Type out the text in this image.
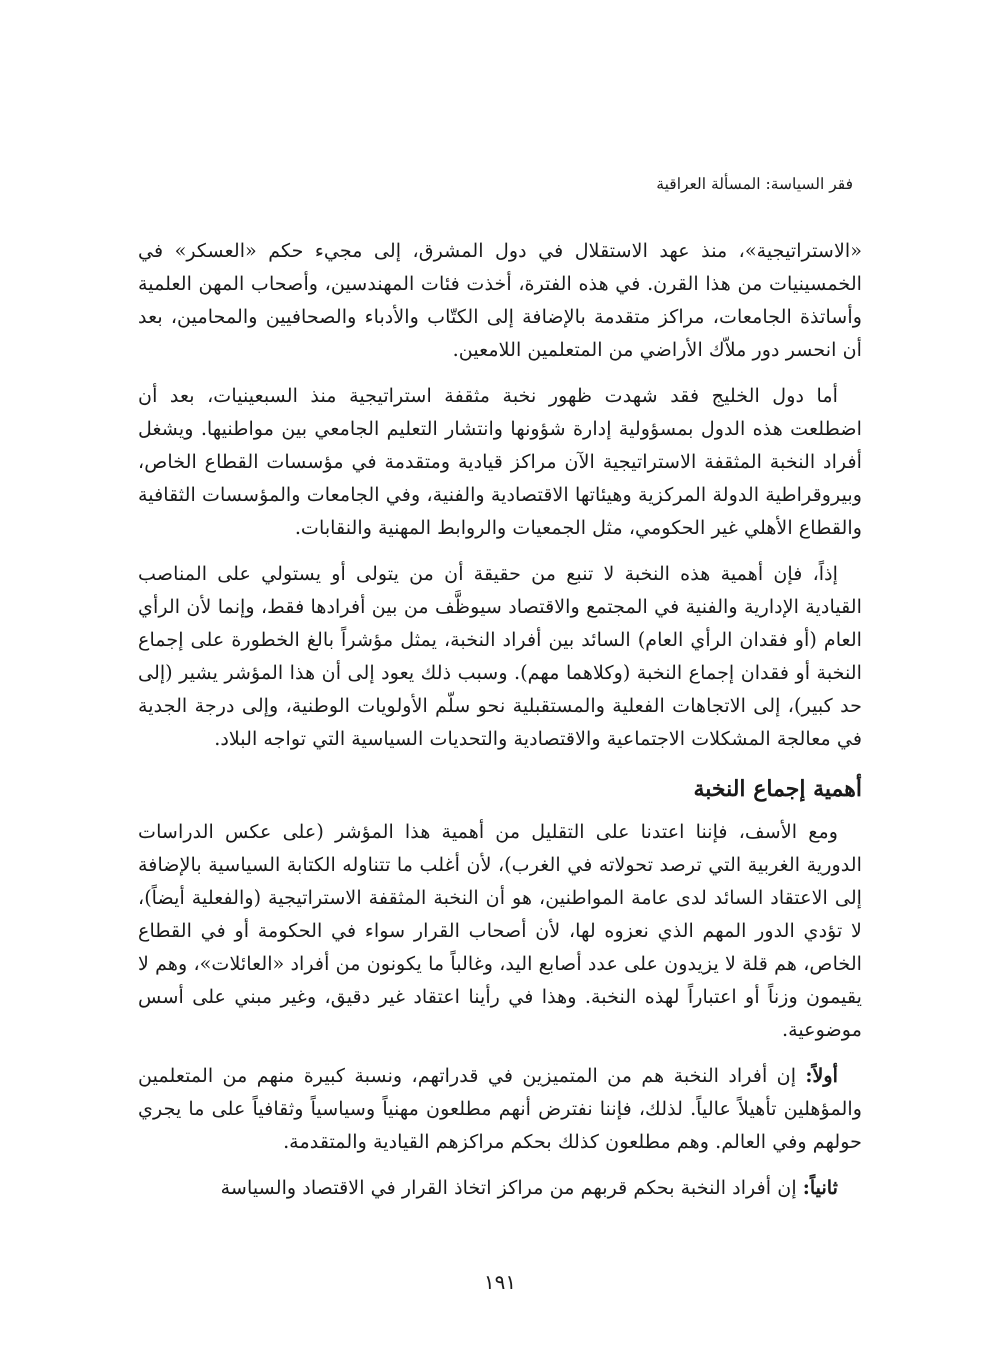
فقر السياسة: المسألة العراقية

«الاستراتيجية»، منذ عهد الاستقلال في دول المشرق، إلى مجيء حكم «العسكر» في الخمسينيات من هذا القرن. في هذه الفترة، أخذت فئات المهندسين، وأصحاب المهن العلمية وأساتذة الجامعات، مراكز متقدمة بالإضافة إلى الكتّاب والأدباء والصحافيين والمحامين، بعد أن انحسر دور ملاّك الأراضي من المتعلمين اللامعين.

أما دول الخليج فقد شهدت ظهور نخبة مثقفة استراتيجية منذ السبعينيات، بعد أن اضطلعت هذه الدول بمسؤولية إدارة شؤونها وانتشار التعليم الجامعي بين مواطنيها. ويشغل أفراد النخبة المثقفة الاستراتيجية الآن مراكز قيادية ومتقدمة في مؤسسات القطاع الخاص، وبيروقراطية الدولة المركزية وهيئاتها الاقتصادية والفنية، وفي الجامعات والمؤسسات الثقافية والقطاع الأهلي غير الحكومي، مثل الجمعيات والروابط المهنية والنقابات.

إذاً، فإن أهمية هذه النخبة لا تنبع من حقيقة أن من يتولى أو يستولي على المناصب القيادية الإدارية والفنية في المجتمع والاقتصاد سيوظَّف من بين أفرادها فقط، وإنما لأن الرأي العام (أو فقدان الرأي العام) السائد بين أفراد النخبة، يمثل مؤشراً بالغ الخطورة على إجماع النخبة أو فقدان إجماع النخبة (وكلاهما مهم). وسبب ذلك يعود إلى أن هذا المؤشر يشير (إلى حد كبير)، إلى الاتجاهات الفعلية والمستقبلية نحو سلّم الأولويات الوطنية، وإلى درجة الجدية في معالجة المشكلات الاجتماعية والاقتصادية والتحديات السياسية التي تواجه البلاد.

أهمية إجماع النخبة

ومع الأسف، فإننا اعتدنا على التقليل من أهمية هذا المؤشر (على عكس الدراسات الدورية الغربية التي ترصد تحولاته في الغرب)، لأن أغلب ما تتناوله الكتابة السياسية بالإضافة إلى الاعتقاد السائد لدى عامة المواطنين، هو أن النخبة المثقفة الاستراتيجية (والفعلية أيضاً)، لا تؤدي الدور المهم الذي نعزوه لها، لأن أصحاب القرار سواء في الحكومة أو في القطاع الخاص، هم قلة لا يزيدون على عدد أصابع اليد، وغالباً ما يكونون من أفراد «العائلات»، وهم لا يقيمون وزناً أو اعتباراً لهذه النخبة. وهذا في رأينا اعتقاد غير دقيق، وغير مبني على أسس موضوعية.

أولاً: إن أفراد النخبة هم من المتميزين في قدراتهم، ونسبة كبيرة منهم من المتعلمين والمؤهلين تأهيلاً عالياً. لذلك، فإننا نفترض أنهم مطلعون مهنياً وسياسياً وثقافياً على ما يجري حولهم وفي العالم. وهم مطلعون كذلك بحكم مراكزهم القيادية والمتقدمة.

ثانياً: إن أفراد النخبة بحكم قربهم من مراكز اتخاذ القرار في الاقتصاد والسياسة

١٩١
